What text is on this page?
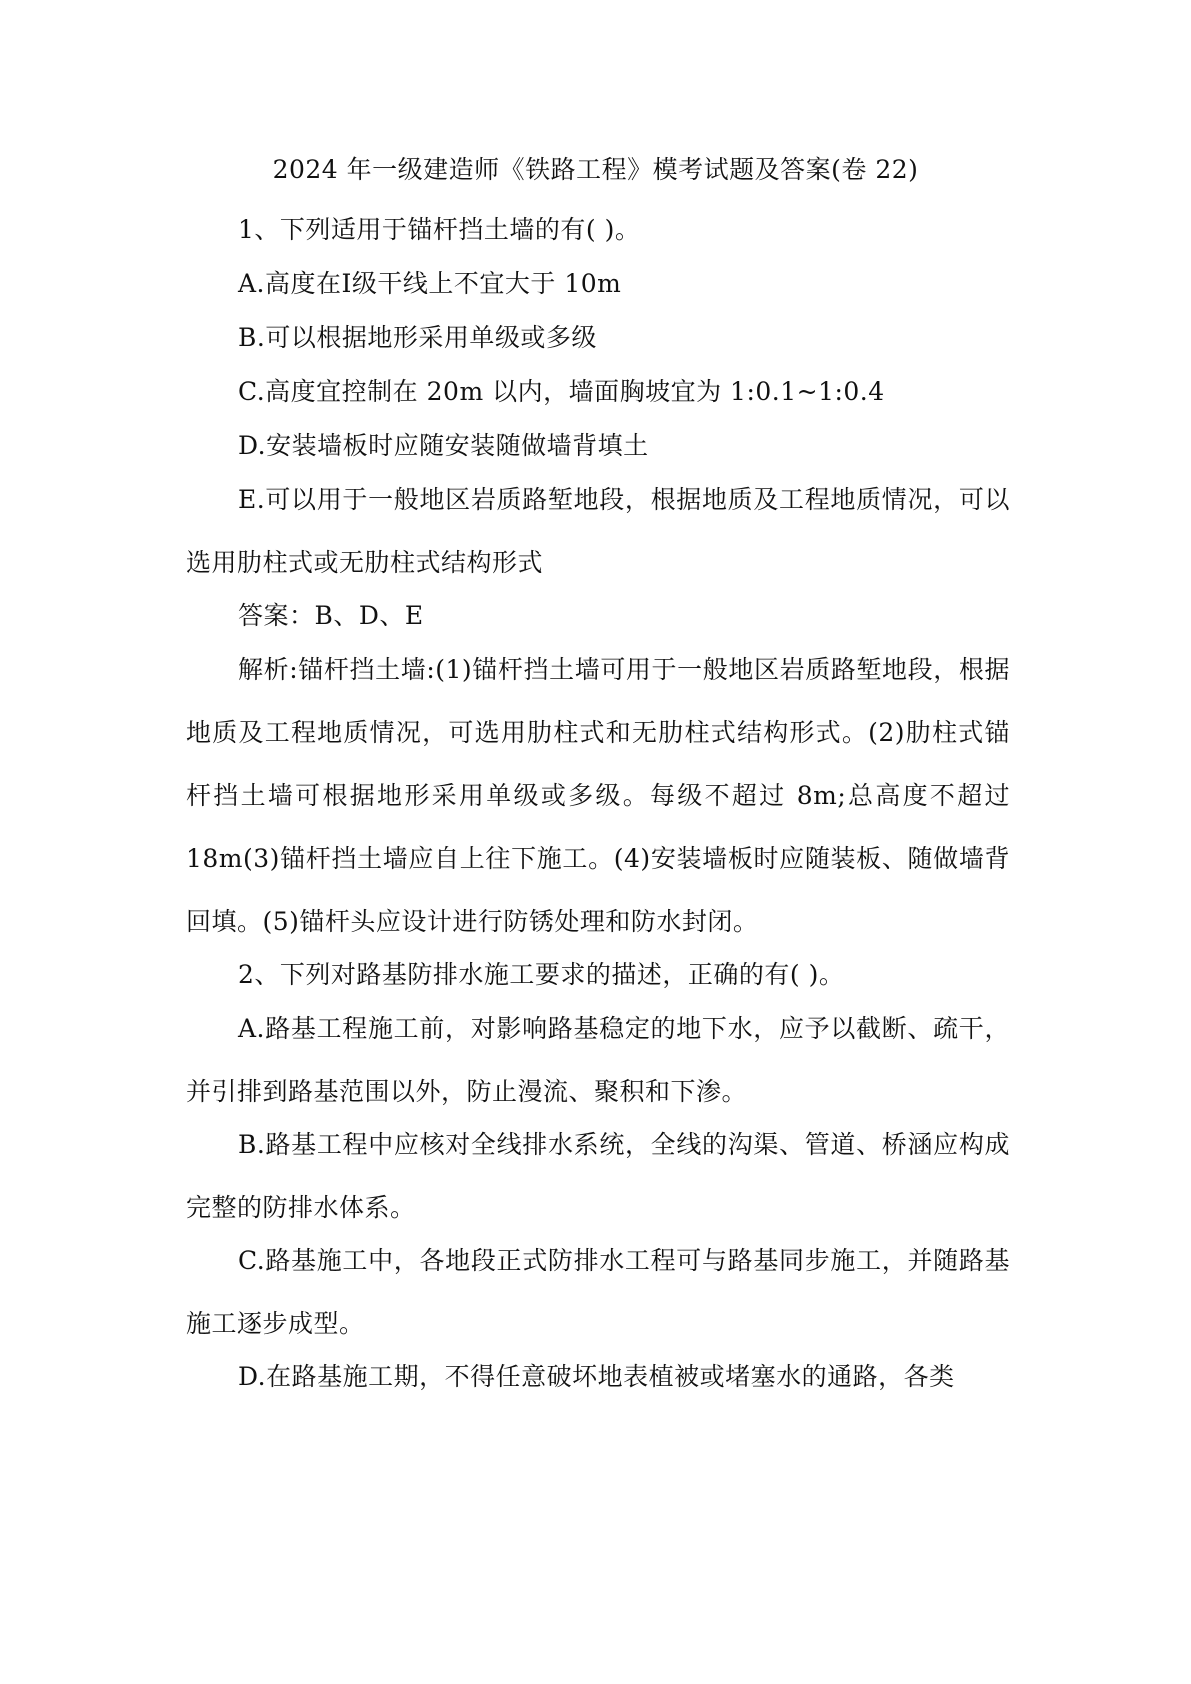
2024 年一级建造师《铁路工程》模考试题及答案(卷 22)

1、下列适用于锚杆挡土墙的有( )。

A.高度在Ⅰ级干线上不宜大于 10m

B.可以根据地形采用单级或多级

C.高度宜控制在 20m 以内，墙面胸坡宜为 1:0.1~1:0.4

D.安装墙板时应随安装随做墙背填土

E.可以用于一般地区岩质路堑地段，根据地质及工程地质情况，可以选用肋柱式或无肋柱式结构形式

答案：B、D、E

解析:锚杆挡土墙:(1)锚杆挡土墙可用于一般地区岩质路堑地段，根据地质及工程地质情况，可选用肋柱式和无肋柱式结构形式。(2)肋柱式锚杆挡土墙可根据地形采用单级或多级。每级不超过 8m;总高度不超过 18m(3)锚杆挡土墙应自上往下施工。(4)安装墙板时应随装板、随做墙背回填。(5)锚杆头应设计进行防锈处理和防水封闭。

2、下列对路基防排水施工要求的描述，正确的有( )。

A.路基工程施工前，对影响路基稳定的地下水，应予以截断、疏干，并引排到路基范围以外，防止漫流、聚积和下渗。

B.路基工程中应核对全线排水系统，全线的沟渠、管道、桥涵应构成完整的防排水体系。

C.路基施工中，各地段正式防排水工程可与路基同步施工，并随路基施工逐步成型。

D.在路基施工期，不得任意破坏地表植被或堵塞水的通路，各类
